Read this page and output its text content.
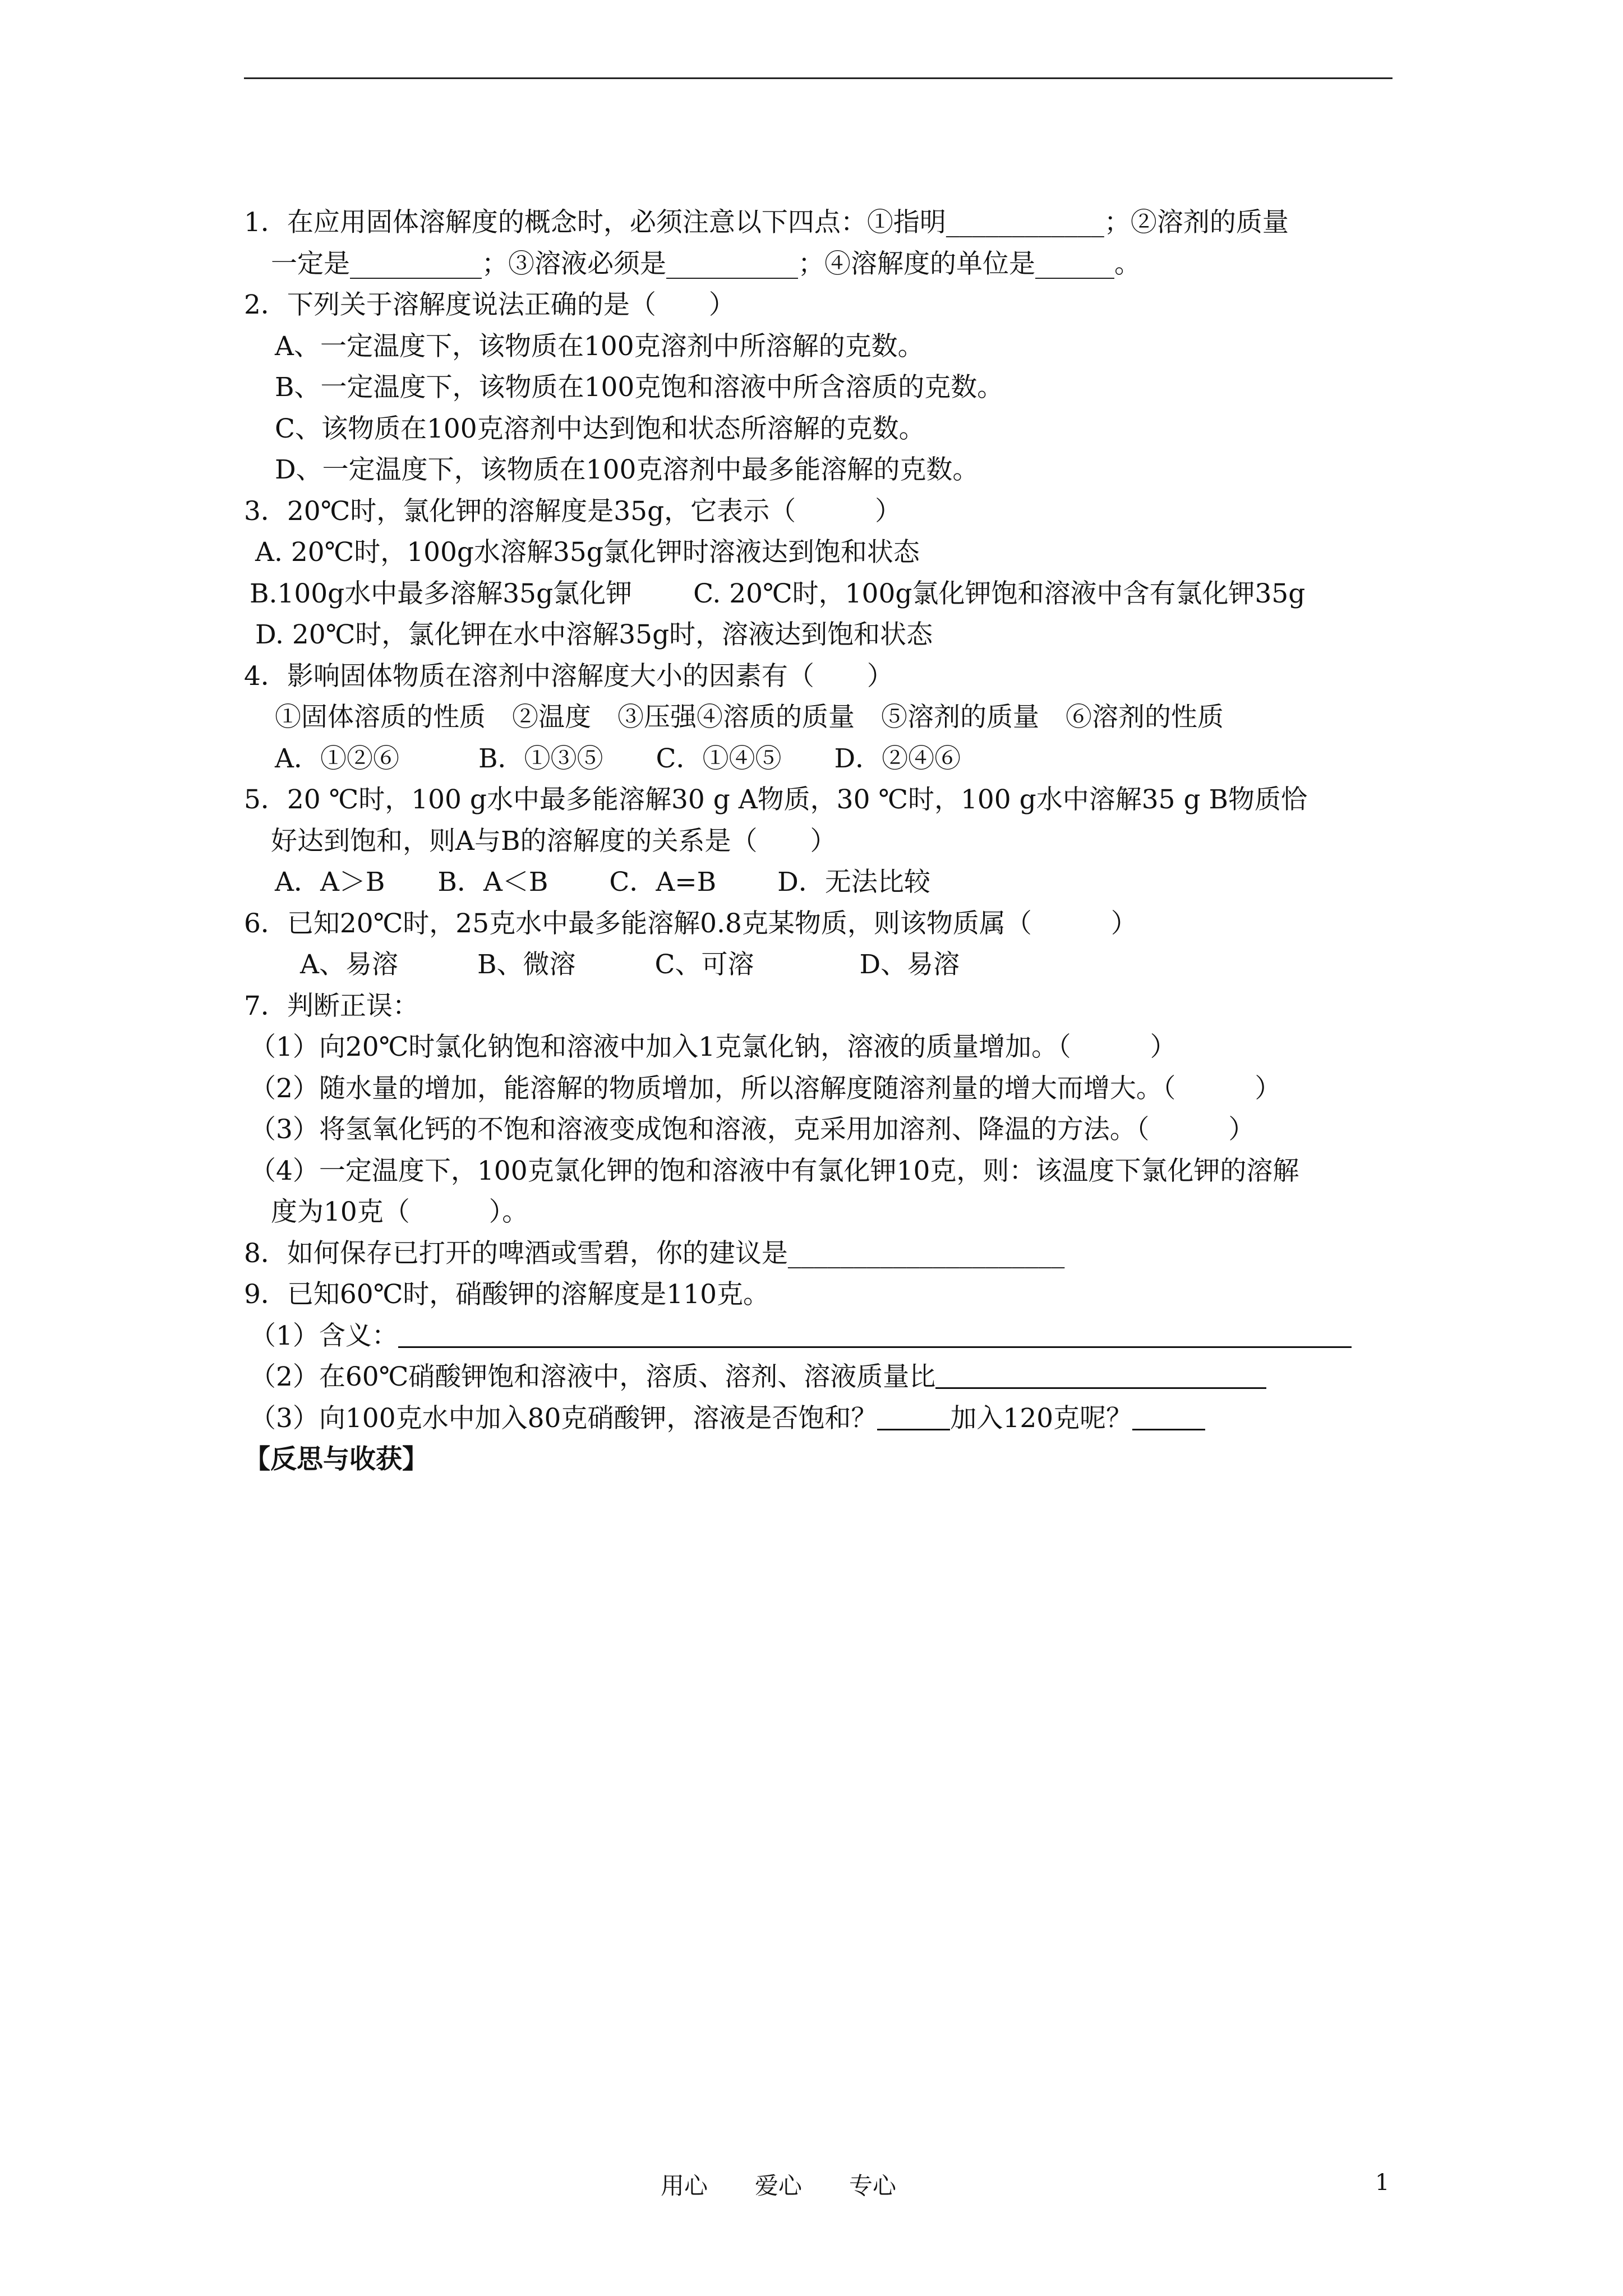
1．在应用固体溶解度的概念时，必须注意以下四点：①指明____________；②溶剂的质量
一定是__________；③溶液必须是__________；④溶解度的单位是______。
2．下列关于溶解度说法正确的是（　　）
A、一定温度下，该物质在100克溶剂中所溶解的克数。
B、一定温度下，该物质在100克饱和溶液中所含溶质的克数。
C、该物质在100克溶剂中达到饱和状态所溶解的克数。
D、一定温度下，该物质在100克溶剂中最多能溶解的克数。
3．20℃时，氯化钾的溶解度是35g，它表示（　　　）
A. 20℃时，100g水溶解35g氯化钾时溶液达到饱和状态
B.100g水中最多溶解35g氯化钾　　 C. 20℃时，100g氯化钾饱和溶液中含有氯化钾35g
D. 20℃时，氯化钾在水中溶解35g时，溶液达到饱和状态
4．影响固体物质在溶剂中溶解度大小的因素有（　　）
①固体溶质的性质　②温度　③压强④溶质的质量　⑤溶剂的质量　⑥溶剂的性质
A．①②⑥　　　B．①③⑤　　C．①④⑤　　D．②④⑥
5．20 ℃时，100 g水中最多能溶解30 g A物质，30 ℃时，100 g水中溶解35 g B物质恰
好达到饱和，则A与B的溶解度的关系是（　　）
A．A＞B　　B．A＜B　　 C．A=B　　 D．无法比较
6．已知20℃时，25克水中最多能溶解0.8克某物质，则该物质属（　　　）
A、易溶　　　B、微溶　　　C、可溶　　　　D、易溶
7．判断正误：
（1）向20℃时氯化钠饱和溶液中加入1克氯化钠，溶液的质量增加。（　　　）
（2）随水量的增加，能溶解的物质增加，所以溶解度随溶剂量的增大而增大。（　　　）
（3）将氢氧化钙的不饱和溶液变成饱和溶液，克采用加溶剂、降温的方法。（　　　）
（4）一定温度下，100克氯化钾的饱和溶液中有氯化钾10克，则：该温度下氯化钾的溶解
度为10克（　　　）。
8．如何保存已打开的啤酒或雪碧，你的建议是_____________________
9．已知60℃时，硝酸钾的溶解度是110克。
（1）含义：
（2）在60℃硝酸钾饱和溶液中，溶质、溶剂、溶液质量比
（3）向100克水中加入80克硝酸钾，溶液是否饱和？	加入120克呢？
【反思与收获】
用心　　爱心　　专心	1
